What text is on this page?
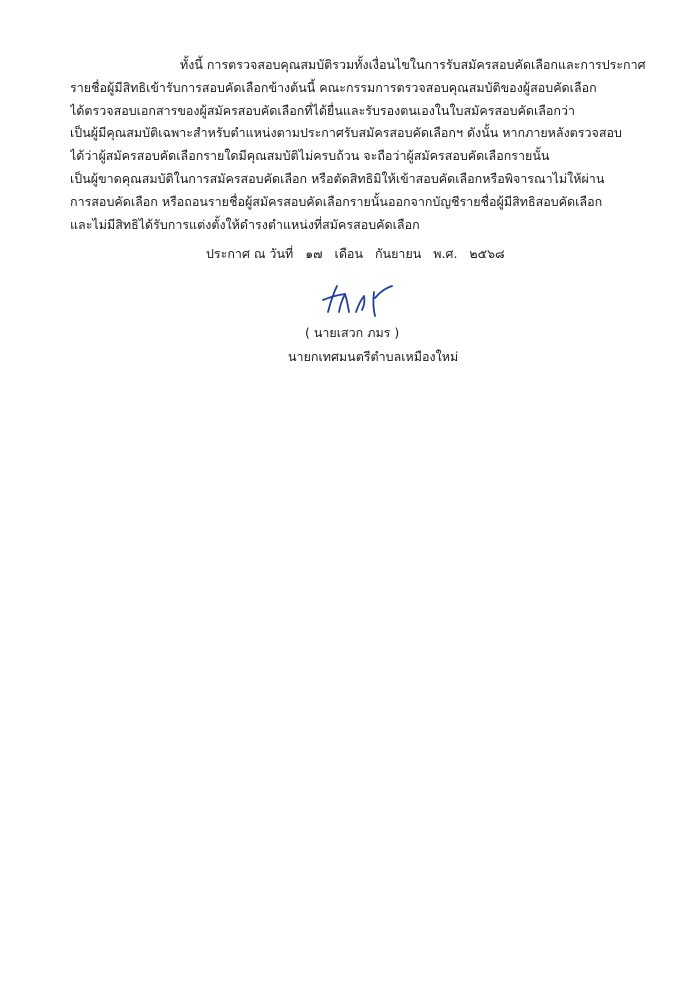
ทั้งนี้ การตรวจสอบคุณสมบัติรวมทั้งเงื่อนไขในการรับสมัครสอบคัดเลือกและการประกาศ
รายชื่อผู้มีสิทธิเข้ารับการสอบคัดเลือกข้างต้นนี้ คณะกรรมการตรวจสอบคุณสมบัติของผู้สอบคัดเลือก
ได้ตรวจสอบเอกสารของผู้สมัครสอบคัดเลือกที่ได้ยื่นและรับรองตนเองในใบสมัครสอบคัดเลือกว่า
เป็นผู้มีคุณสมบัติเฉพาะสำหรับตำแหน่งตามประกาศรับสมัครสอบคัดเลือกฯ ดังนั้น หากภายหลังตรวจสอบ
ได้ว่าผู้สมัครสอบคัดเลือกรายใดมีคุณสมบัติไม่ครบถ้วน จะถือว่าผู้สมัครสอบคัดเลือกรายนั้น
เป็นผู้ขาดคุณสมบัติในการสมัครสอบคัดเลือก หรือตัดสิทธิมิให้เข้าสอบคัดเลือกหรือพิจารณาไม่ให้ผ่าน
การสอบคัดเลือก หรือถอนรายชื่อผู้สมัครสอบคัดเลือกรายนั้นออกจากบัญชีรายชื่อผู้มีสิทธิสอบคัดเลือก
และไม่มีสิทธิได้รับการแต่งตั้งให้ดำรงตำแหน่งที่สมัครสอบคัดเลือก
ประกาศ ณ วันที่ ๑๗ เดือน กันยายน พ.ศ. ๒๕๖๘
( นายเสวก ภมร )
นายกเทศมนตรีตำบลเหมืองใหม่
